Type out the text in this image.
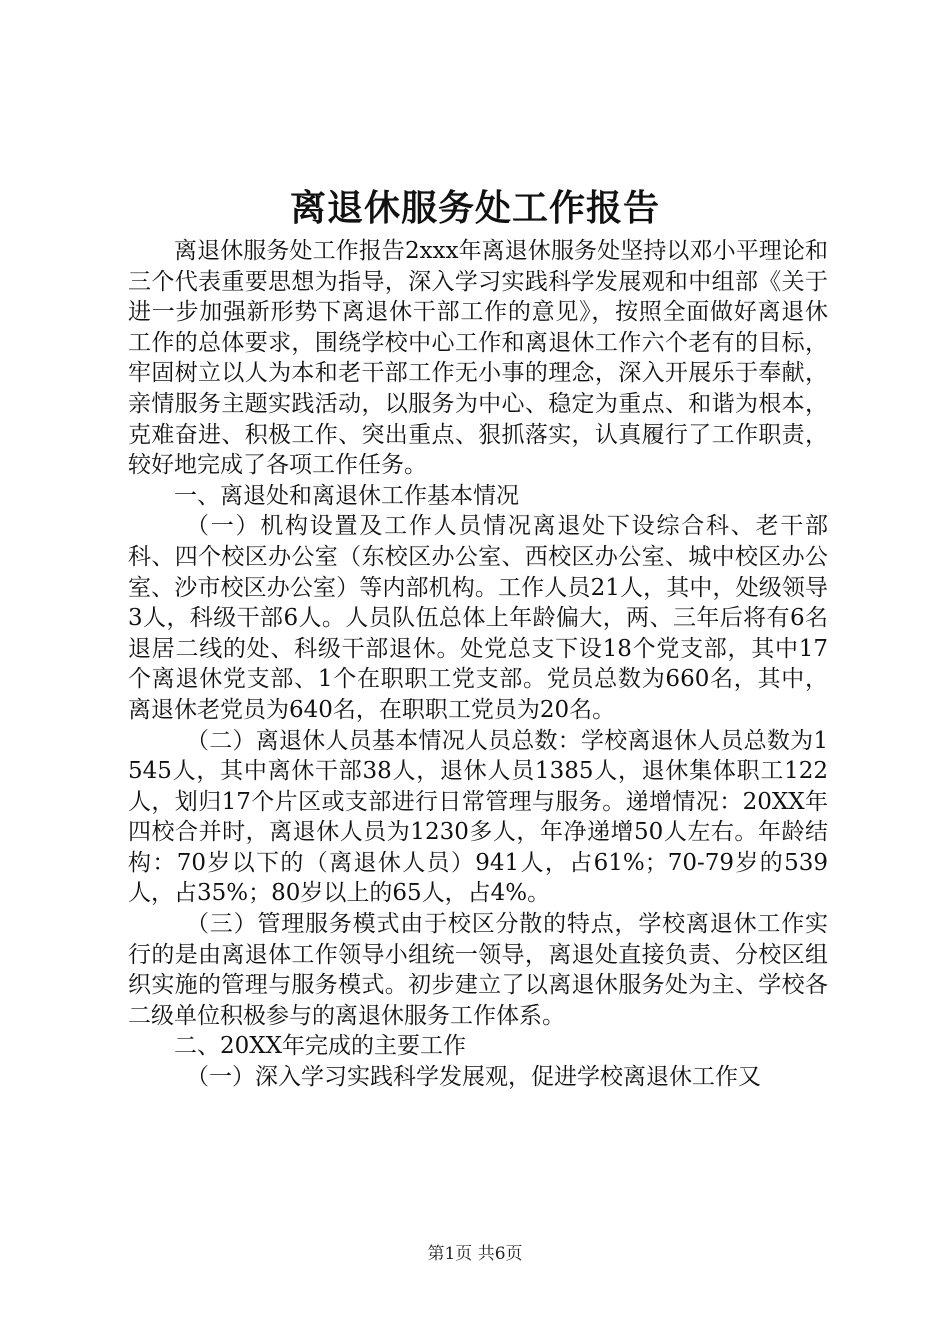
离退休服务处工作报告

离退休服务处工作报告2xxx年离退休服务处坚持以邓小平理论和三个代表重要思想为指导，深入学习实践科学发展观和中组部《关于进一步加强新形势下离退休干部工作的意见》，按照全面做好离退休工作的总体要求，围绕学校中心工作和离退休工作六个老有的目标，牢固树立以人为本和老干部工作无小事的理念，深入开展乐于奉献，亲情服务主题实践活动，以服务为中心、稳定为重点、和谐为根本，克难奋进、积极工作、突出重点、狠抓落实，认真履行了工作职责，较好地完成了各项工作任务。

一、离退处和离退休工作基本情况

（一）机构设置及工作人员情况离退处下设综合科、老干部科、四个校区办公室（东校区办公室、西校区办公室、城中校区办公室、沙市校区办公室）等内部机构。工作人员21人，其中，处级领导3人，科级干部6人。人员队伍总体上年龄偏大，两、三年后将有6名退居二线的处、科级干部退休。处党总支下设18个党支部，其中17个离退休党支部、1个在职职工党支部。党员总数为660名，其中，离退休老党员为640名，在职职工党员为20名。

（二）离退休人员基本情况人员总数：学校离退休人员总数为1545人，其中离休干部38人，退休人员1385人，退休集体职工122人，划归17个片区或支部进行日常管理与服务。递增情况：20XX年四校合并时，离退休人员为1230多人，年净递增50人左右。年龄结构：70岁以下的（离退休人员）941人，占61%；70-79岁的539人，占35%；80岁以上的65人，占4%。

（三）管理服务模式由于校区分散的特点，学校离退休工作实行的是由离退体工作领导小组统一领导，离退处直接负责、分校区组织实施的管理与服务模式。初步建立了以离退休服务处为主、学校各二级单位积极参与的离退休服务工作体系。

二、20XX年完成的主要工作

（一）深入学习实践科学发展观，促进学校离退休工作又

第1页 共6页
